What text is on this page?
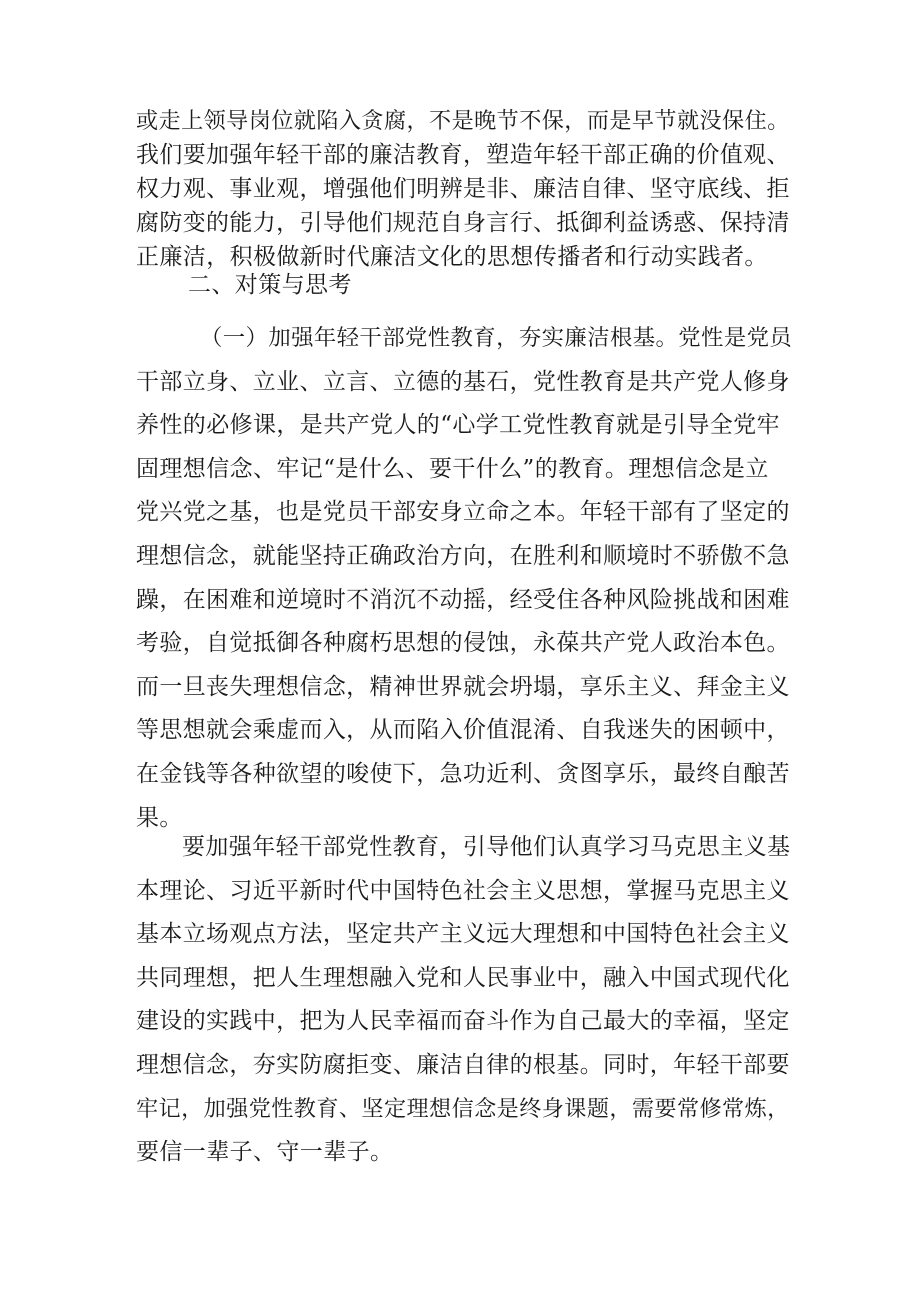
或走上领导岗位就陷入贪腐，不是晚节不保，而是早节就没保住。
我们要加强年轻干部的廉洁教育，塑造年轻干部正确的价值观、
权力观、事业观，增强他们明辨是非、廉洁自律、坚守底线、拒
腐防变的能力，引导他们规范自身言行、抵御利益诱惑、保持清
正廉洁，积极做新时代廉洁文化的思想传播者和行动实践者。
二、对策与思考
（一）加强年轻干部党性教育，夯实廉洁根基。党性是党员
干部立身、立业、立言、立德的基石，党性教育是共产党人修身
养性的必修课，是共产党人的“心学工党性教育就是引导全党牢
固理想信念、牢记“是什么、要干什么”的教育。理想信念是立
党兴党之基，也是党员干部安身立命之本。年轻干部有了坚定的
理想信念，就能坚持正确政治方向，在胜利和顺境时不骄傲不急
躁，在困难和逆境时不消沉不动摇，经受住各种风险挑战和困难
考验，自觉抵御各种腐朽思想的侵蚀，永葆共产党人政治本色。
而一旦丧失理想信念，精神世界就会坍塌，享乐主义、拜金主义
等思想就会乘虚而入，从而陷入价值混淆、自我迷失的困顿中，
在金钱等各种欲望的唆使下，急功近利、贪图享乐，最终自酿苦
果。
要加强年轻干部党性教育，引导他们认真学习马克思主义基
本理论、习近平新时代中国特色社会主义思想，掌握马克思主义
基本立场观点方法，坚定共产主义远大理想和中国特色社会主义
共同理想，把人生理想融入党和人民事业中，融入中国式现代化
建设的实践中，把为人民幸福而奋斗作为自己最大的幸福，坚定
理想信念，夯实防腐拒变、廉洁自律的根基。同时，年轻干部要
牢记，加强党性教育、坚定理想信念是终身课题，需要常修常炼，
要信一辈子、守一辈子。
